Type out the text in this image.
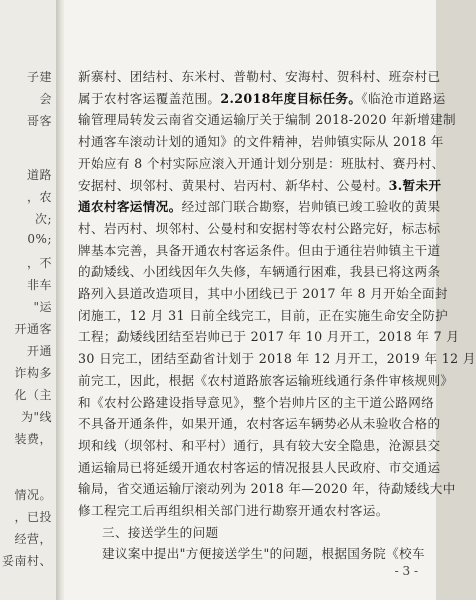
子建
会
哥客
道路
，农
次;
0%;
，不
非车
"运
开通客
开通
诈构多
化（主
为"线
装费，
情况。
，已投
经营，
妥南村、
新寨村、团结村、东米村、普勒村、安海村、贺科村、班奈村已
属于农村客运覆盖范围。2.2018年度目标任务。《临沧市道路运
输管理局转发云南省交通运输厅关于编制 2018-2020 年新增建制
村通客车滚动计划的通知》的文件精神，岩帅镇实际从 2018 年
开始应有 8 个村实际应滚入开通计划分别是：班肽村、赛丹村、
安据村、坝邻村、黄果村、岩丙村、新华村、公曼村。3.暂未开
通农村客运情况。经过部门联合勘察，岩帅镇已竣工验收的黄果
村、岩丙村、坝邻村、公曼村和安据村等农村公路完好，标志标
牌基本完善，具备开通农村客运条件。但由于通往岩帅镇主干道
的勐矮线、小团线因年久失修，车辆通行困难，我县已将这两条
路列入县道改造项目，其中小团线已于 2017 年 8 月开始全面封
闭施工，12 月 31 日前全线完工，目前，正在实施生命安全防护
工程；勐矮线团结至岩帅已于 2017 年 10 月开工，2018 年 7 月
30 日完工，团结至勐省计划于 2018 年 12 月开工，2019 年 12 月
前完工，因此，根据《农村道路旅客运输班线通行条件审核规则》
和《农村公路建设指导意见》，整个岩帅片区的主干道公路网络
不具备开通条件，如果开通，农村客运车辆势必从未验收合格的
坝和线（坝邻村、和平村）通行，具有较大安全隐患，沧源县交
通运输局已将延缓开通农村客运的情况报县人民政府、市交通运
输局，省交通运输厅滚动列为 2018 年—2020 年，待勐矮线大中
修工程完工后再组织相关部门进行勘察开通农村客运。
三、接送学生的问题
建议案中提出"方便接送学生"的问题，根据国务院《校车
- 3 -
